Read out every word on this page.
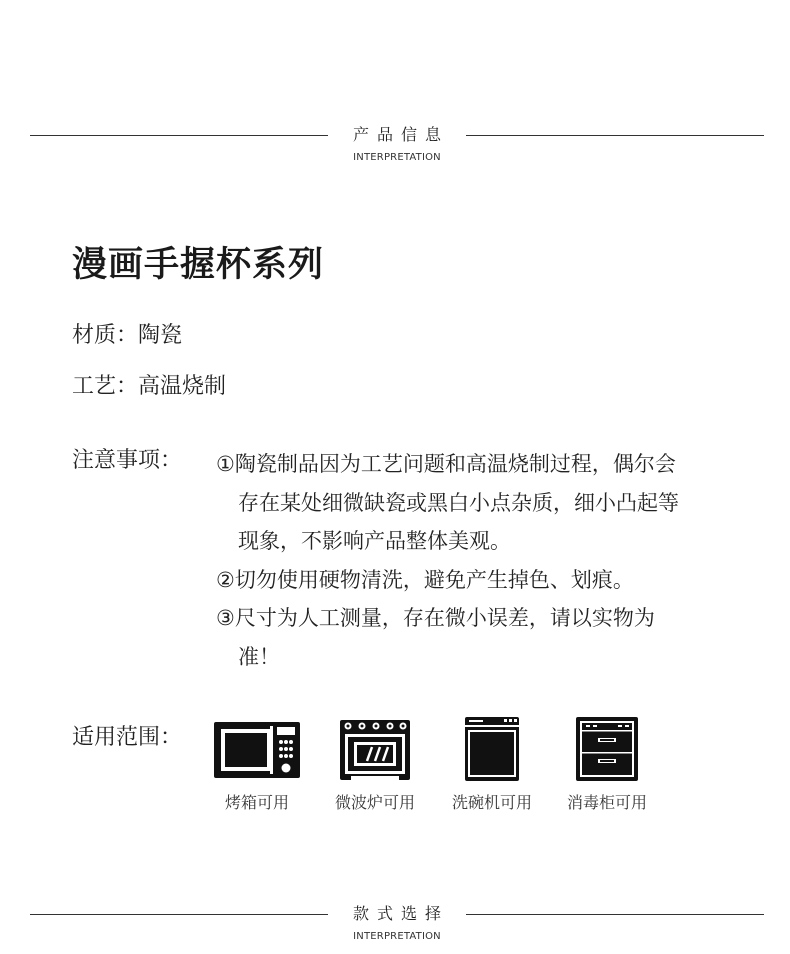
产品信息
INTERPRETATION
漫画手握杯系列
材质：陶瓷
工艺：高温烧制
注意事项： ①陶瓷制品因为工艺问题和高温烧制过程，偶尔会存在某处细微缺瓷或黑白小点杂质，细小凸起等现象，不影响产品整体美观。
②切勿使用硬物清洗，避免产生掉色、划痕。
③尺寸为人工测量，存在微小误差，请以实物为准！
适用范围：
烤箱可用	微波炉可用	洗碗机可用	消毒柜可用
款式选择
INTERPRETATION
